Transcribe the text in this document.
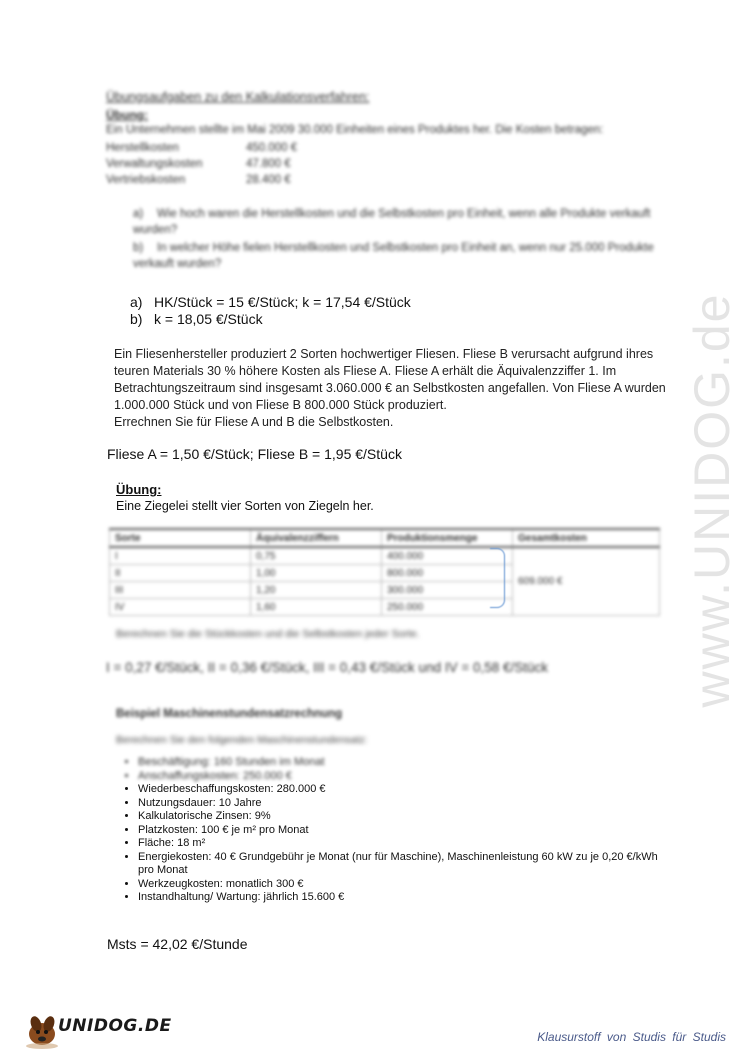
www.UNIDOG.de
Übungsaufgaben zu den Kalkulationsverfahren:
Übung:
Ein Unternehmen stellte im Mai 2009 30.000 Einheiten eines Produktes her. Die Kosten betragen:
Herstellkosten	450.000 €
Verwaltungskosten	47.800 €
Vertriebskosten	28.400 €
a) Wie hoch waren die Herstellkosten und die Selbstkosten pro Einheit, wenn alle Produkte verkauft wurden?
b) In welcher Höhe fielen Herstellkosten und Selbstkosten pro Einheit an, wenn nur 25.000 Produkte verkauft wurden?
a) HK/Stück = 15 €/Stück; k = 17,54 €/Stück
b) k = 18,05 €/Stück
Ein Fliesenhersteller produziert 2 Sorten hochwertiger Fliesen. Fliese B verursacht aufgrund ihres teuren Materials 30 % höhere Kosten als Fliese A. Fliese A erhält die Äquivalenzziffer 1. Im Betrachtungszeitraum sind insgesamt 3.060.000 € an Selbstkosten angefallen. Von Fliese A wurden 1.000.000 Stück und von Fliese B 800.000 Stück produziert.
Errechnen Sie für Fliese A und B die Selbstkosten.
Fliese A = 1,50 €/Stück; Fliese B = 1,95 €/Stück
Übung:
Eine Ziegelei stellt vier Sorten von Ziegeln her.
Sorte	Äquivalenzziffern	Produktionsmenge	Gesamtkosten
I	0,75	400.000	609.000 €
II	1,00	800.000	
III	1,20	300.000	
IV	1,60	250.000	
Berechnen Sie die Stückkosten und die Selbstkosten jeder Sorte.
I = 0,27 €/Stück, II = 0,36 €/Stück, III = 0,43 €/Stück und IV = 0,58 €/Stück
Beispiel Maschinenstundensatzrechnung
Berechnen Sie den folgenden Maschinenstundensatz:
• Beschäftigung: 160 Stunden im Monat
• Anschaffungskosten: 250.000 €
• Wiederbeschaffungskosten: 280.000 €
• Nutzungsdauer: 10 Jahre
• Kalkulatorische Zinsen: 9%
• Platzkosten: 100 € je m² pro Monat
• Fläche: 18 m²
• Energiekosten: 40 € Grundgebühr je Monat (nur für Maschine), Maschinenleistung 60 kW zu je 0,20 €/kWh pro Monat
• Werkzeugkosten: monatlich 300 €
• Instandhaltung/ Wartung: jährlich 15.600 €
Msts = 42,02 €/Stunde
UNIDOG.DE
Klausurstoff von Studis für Studis
